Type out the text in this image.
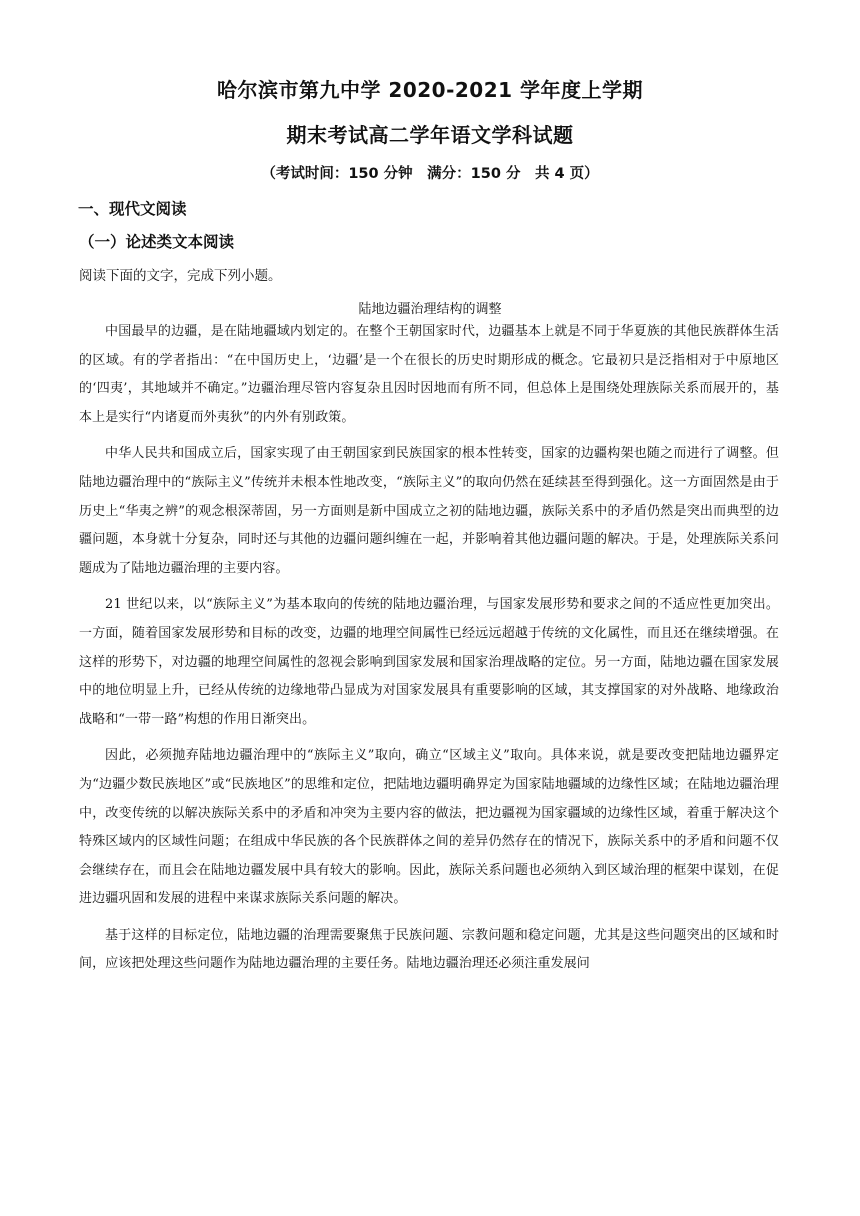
哈尔滨市第九中学 2020-2021 学年度上学期
期末考试高二学年语文学科试题
（考试时间：150 分钟　满分：150 分　共 4 页）
一、现代文阅读
（一）论述类文本阅读
阅读下面的文字，完成下列小题。
陆地边疆治理结构的调整

中国最早的边疆，是在陆地疆域内划定的。在整个王朝国家时代，边疆基本上就是不同于华夏族的其他民族群体生活的区域。有的学者指出：“在中国历史上，‘边疆’是一个在很长的历史时期形成的概念。它最初只是泛指相对于中原地区的‘四夷’，其地域并不确定。”边疆治理尽管内容复杂且因时因地而有所不同，但总体上是围绕处理族际关系而展开的，基本上是实行“内诸夏而外夷狄”的内外有别政策。

中华人民共和国成立后，国家实现了由王朝国家到民族国家的根本性转变，国家的边疆构架也随之而进行了调整。但陆地边疆治理中的“族际主义”传统并未根本性地改变，“族际主义”的取向仍然在延续甚至得到强化。这一方面固然是由于历史上“华夷之辨”的观念根深蒂固，另一方面则是新中国成立之初的陆地边疆，族际关系中的矛盾仍然是突出而典型的边疆问题，本身就十分复杂，同时还与其他的边疆问题纠缠在一起，并影响着其他边疆问题的解决。于是，处理族际关系问题成为了陆地边疆治理的主要内容。

21 世纪以来，以“族际主义”为基本取向的传统的陆地边疆治理，与国家发展形势和要求之间的不适应性更加突出。一方面，随着国家发展形势和目标的改变，边疆的地理空间属性已经远远超越于传统的文化属性，而且还在继续增强。在这样的形势下，对边疆的地理空间属性的忽视会影响到国家发展和国家治理战略的定位。另一方面，陆地边疆在国家发展中的地位明显上升，已经从传统的边缘地带凸显成为对国家发展具有重要影响的区域，其支撑国家的对外战略、地缘政治战略和“一带一路”构想的作用日渐突出。

因此，必须抛弃陆地边疆治理中的“族际主义”取向，确立“区域主义”取向。具体来说，就是要改变把陆地边疆界定为“边疆少数民族地区”或“民族地区”的思维和定位，把陆地边疆明确界定为国家陆地疆域的边缘性区域；在陆地边疆治理中，改变传统的以解决族际关系中的矛盾和冲突为主要内容的做法，把边疆视为国家疆域的边缘性区域，着重于解决这个特殊区域内的区域性问题；在组成中华民族的各个民族群体之间的差异仍然存在的情况下，族际关系中的矛盾和问题不仅会继续存在，而且会在陆地边疆发展中具有较大的影响。因此，族际关系问题也必须纳入到区域治理的框架中谋划，在促进边疆巩固和发展的进程中来谋求族际关系问题的解决。

基于这样的目标定位，陆地边疆的治理需要聚焦于民族问题、宗教问题和稳定问题，尤其是这些问题突出的区域和时间，应该把处理这些问题作为陆地边疆治理的主要任务。陆地边疆治理还必须注重发展问
